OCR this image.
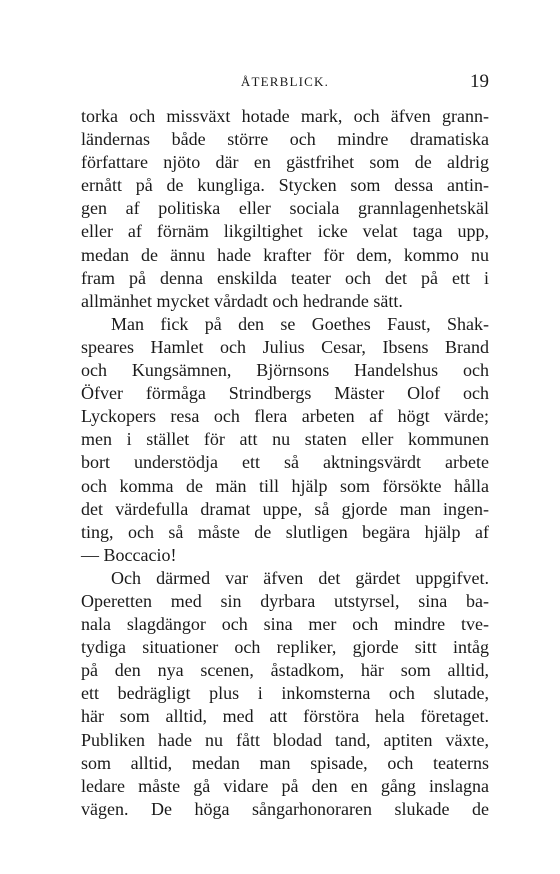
ÅTERBLICK.	19
torka och missväxt hotade mark, och äfven grann-
ländernas både större och mindre dramatiska
författare njöto där en gästfrihet som de aldrig
ernått på de kungliga. Stycken som dessa antin-
gen af politiska eller sociala grannlagenhetskäl
eller af förnäm likgiltighet icke velat taga upp,
medan de ännu hade krafter för dem, kommo nu
fram på denna enskilda teater och det på ett i
allmänhet mycket vårdadt och hedrande sätt.
Man fick på den se Goethes Faust, Shak-
speares Hamlet och Julius Cesar, Ibsens Brand
och Kungsämnen, Björnsons Handelshus och
Öfver förmåga Strindbergs Mäster Olof och
Lyckopers resa och flera arbeten af högt värde;
men i stället för att nu staten eller kommunen
bort understödja ett så aktningsvärdt arbete
och komma de män till hjälp som försökte hålla
det värdefulla dramat uppe, så gjorde man ingen-
ting, och så måste de slutligen begära hjälp af
— Boccacio!
Och därmed var äfven det gärdet uppgifvet.
Operetten med sin dyrbara utstyrsel, sina ba-
nala slagdängor och sina mer och mindre tve-
tydiga situationer och repliker, gjorde sitt intåg
på den nya scenen, åstadkom, här som alltid,
ett bedrägligt plus i inkomsterna och slutade,
här som alltid, med att förstöra hela företaget.
Publiken hade nu fått blodad tand, aptiten växte,
som alltid, medan man spisade, och teaterns
ledare måste gå vidare på den en gång inslagna
vägen. De höga sångarhonoraren slukade de
